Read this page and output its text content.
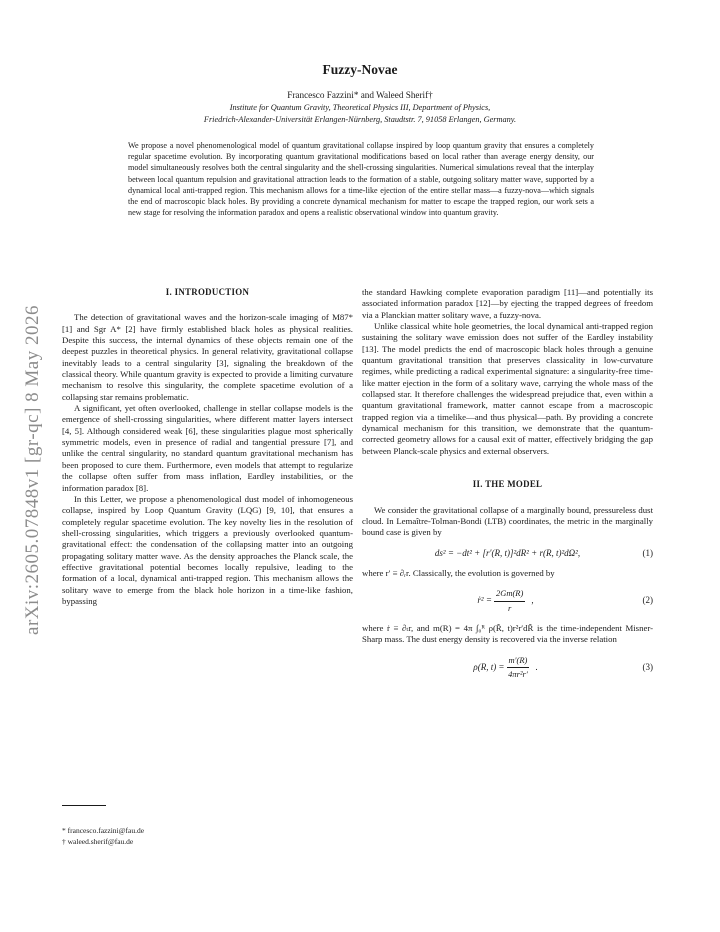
arXiv:2605.07848v1 [gr-qc] 8 May 2026
Fuzzy-Novae
Francesco Fazzini* and Waleed Sherif†
Institute for Quantum Gravity, Theoretical Physics III, Department of Physics,
Friedrich-Alexander-Universität Erlangen-Nürnberg, Staudtstr. 7, 91058 Erlangen, Germany.
We propose a novel phenomenological model of quantum gravitational collapse inspired by loop quantum gravity that ensures a completely regular spacetime evolution. By incorporating quantum gravitational modifications based on local rather than average energy density, our model simultaneously resolves both the central singularity and the shell-crossing singularities. Numerical simulations reveal that the interplay between local quantum repulsion and gravitational attraction leads to the formation of a stable, outgoing solitary matter wave, supported by a dynamical local anti-trapped region. This mechanism allows for a time-like ejection of the entire stellar mass—a fuzzy-nova—which signals the end of macroscopic black holes. By providing a concrete dynamical mechanism for matter to escape the trapped region, our work sets a new stage for resolving the information paradox and opens a realistic observational window into quantum gravity.
I. INTRODUCTION

The detection of gravitational waves and the horizon-scale imaging of M87* [1] and Sgr A* [2] have firmly established black holes as physical realities. Despite this success, the internal dynamics of these objects remain one of the deepest puzzles in theoretical physics. In general relativity, gravitational collapse inevitably leads to a central singularity [3], signaling the breakdown of the classical theory. While quantum gravity is expected to provide a limiting curvature mechanism to resolve this singularity, the complete spacetime evolution of a collapsing star remains problematic.

A significant, yet often overlooked, challenge in stellar collapse models is the emergence of shell-crossing singularities, where different matter layers intersect [4, 5]. Although considered weak [6], these singularities plague most spherically symmetric models, even in presence of radial and tangential pressure [7], and unlike the central singularity, no standard quantum gravitational mechanism has been proposed to cure them. Furthermore, even models that attempt to regularize the collapse often suffer from mass inflation, Eardley instabilities, or the information paradox [8].

In this Letter, we propose a phenomenological dust model of inhomogeneous collapse, inspired by Loop Quantum Gravity (LQG) [9, 10], that ensures a completely regular spacetime evolution. The key novelty lies in the resolution of shell-crossing singularities, which triggers a previously overlooked quantum-gravitational effect: the condensation of the collapsing matter into an outgoing propagating solitary matter wave. As the density approaches the Planck scale, the effective gravitational potential becomes locally repulsive, leading to the formation of a local, dynamical anti-trapped region. This mechanism allows the solitary wave to emerge from the black hole horizon in a time-like fashion, bypassing

the standard Hawking complete evaporation paradigm [11]—and potentially its associated information paradox [12]—by ejecting the trapped degrees of freedom via a Planckian matter solitary wave, a fuzzy-nova.

Unlike classical white hole geometries, the local dynamical anti-trapped region sustaining the solitary wave emission does not suffer of the Eardley instability [13]. The model predicts the end of macroscopic black holes through a genuine quantum gravitational transition that preserves classicality in low-curvature regimes, while predicting a radical experimental signature: a singularity-free time-like matter ejection in the form of a solitary wave, carrying the whole mass of the collapsed star. It therefore challenges the widespread prejudice that, even within a quantum gravitational framework, matter cannot escape from a macroscopic trapped region via a timelike—and thus physical—path. By providing a concrete dynamical mechanism for this transition, we demonstrate that the quantum-corrected geometry allows for a causal exit of matter, effectively bridging the gap between Planck-scale physics and external observers.

II. THE MODEL

We consider the gravitational collapse of a marginally bound, pressureless dust cloud. In Lemaître-Tolman-Bondi (LTB) coordinates, the metric in the marginally bound case is given by

ds² = −dt² + [r′(R, t)]²dR² + r(R, t)²dΩ²,	(1)

where r′ ≡ ∂ᵣr. Classically, the evolution is governed by

ṙ² = $\frac{2Gm(R)}{r}$ ,	(2)

where ṙ ≡ ∂ₜr, and m(R) = 4π ∫₀ᴿ ρ(R̃, t)r²r′dR̃ is the time-independent Misner-Sharp mass. The dust energy density is recovered via the inverse relation

ρ(R, $t) = \frac{m'(R)}{\text{4πr²r′}}$ .	(3)
* francesco.fazzini@fau.de
† waleed.sherif@fau.de
